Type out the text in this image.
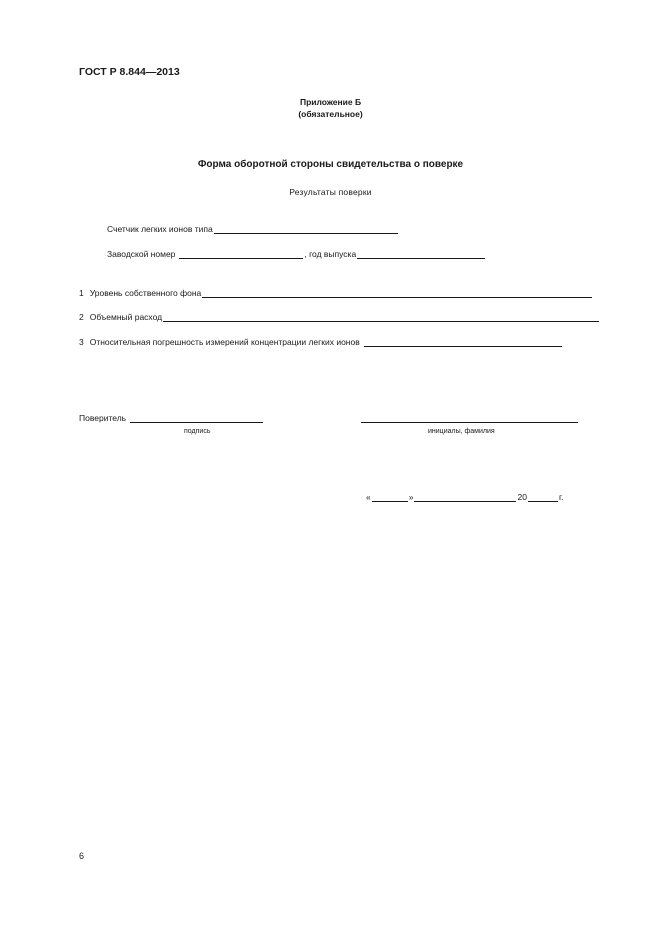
ГОСТ Р 8.844—2013
Приложение Б
(обязательное)
Форма оборотной стороны свидетельства о поверке
Результаты поверки
Счетчик легких ионов типа
Заводской номер	, год выпуска
1 Уровень собственного фона
2 Объемный расход
3 Относительная погрешность измерений концентрации легких ионов
Поверитель
подпись	инициалы, фамилия
«	»	20	г.
6
